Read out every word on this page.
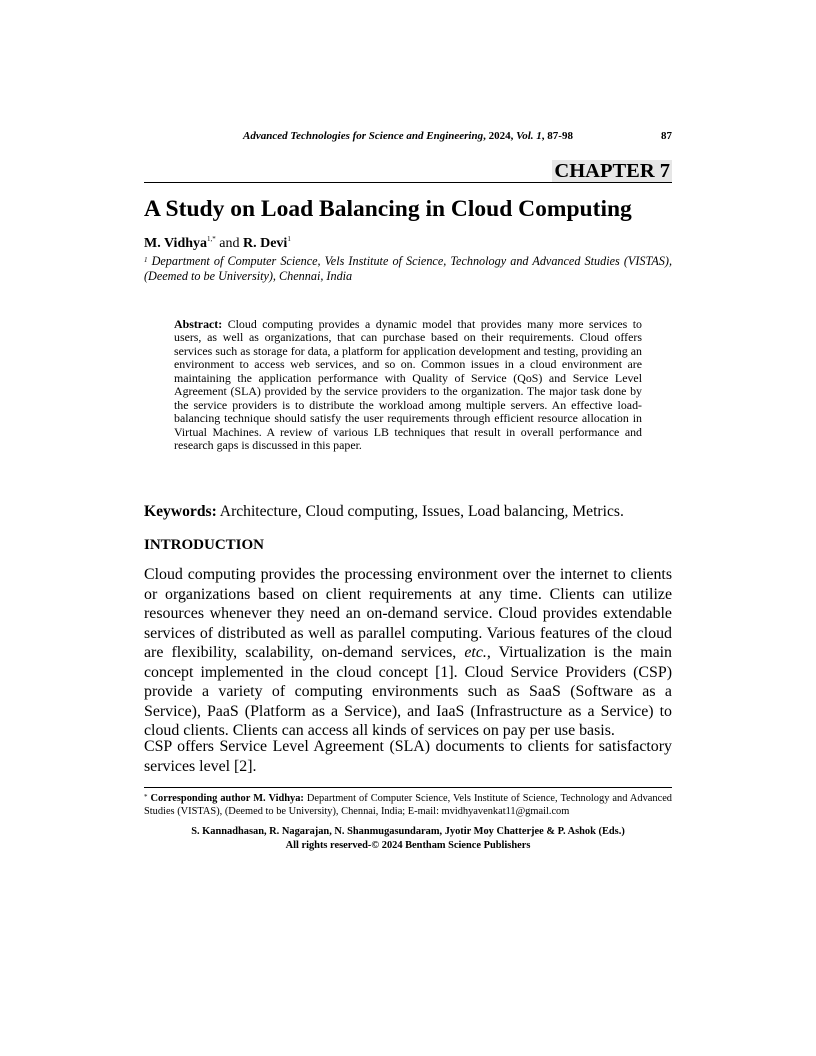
Advanced Technologies for Science and Engineering, 2024, Vol. 1, 87-98	87
CHAPTER 7
A Study on Load Balancing in Cloud Computing
M. Vidhya$^{1,*}$ and R. Devi$^1$
$^1$ Department of Computer Science, Vels Institute of Science, Technology and Advanced Studies (VISTAS), (Deemed to be University), Chennai, India
Abstract: Cloud computing provides a dynamic model that provides many more services to users, as well as organizations, that can purchase based on their requirements. Cloud offers services such as storage for data, a platform for application development and testing, providing an environment to access web services, and so on. Common issues in a cloud environment are maintaining the application performance with Quality of Service (QoS) and Service Level Agreement (SLA) provided by the service providers to the organization. The major task done by the service providers is to distribute the workload among multiple servers. An effective load-balancing technique should satisfy the user requirements through efficient resource allocation in Virtual Machines. A review of various LB techniques that result in overall performance and research gaps is discussed in this paper.
Keywords: Architecture, Cloud computing, Issues, Load balancing, Metrics.
INTRODUCTION
Cloud computing provides the processing environment over the internet to clients or organizations based on client requirements at any time. Clients can utilize resources whenever they need an on-demand service. Cloud provides extendable services of distributed as well as parallel computing. Various features of the cloud are flexibility, scalability, on-demand services, etc., Virtualization is the main concept implemented in the cloud concept [1]. Cloud Service Providers (CSP) provide a variety of computing environments such as SaaS (Software as a Service), PaaS (Platform as a Service), and IaaS (Infrastructure as a Service) to cloud clients. Clients can access all kinds of services on pay per use basis.
CSP offers Service Level Agreement (SLA) documents to clients for satisfactory services level [2].
* Corresponding author M. Vidhya: Department of Computer Science, Vels Institute of Science, Technology and Advanced Studies (VISTAS), (Deemed to be University), Chennai, India; E-mail: mvidhyavenkat11@gmail.com
S. Kannadhasan, R. Nagarajan, N. Shanmugasundaram, Jyotir Moy Chatterjee & P. Ashok (Eds.)
All rights reserved-© 2024 Bentham Science Publishers
